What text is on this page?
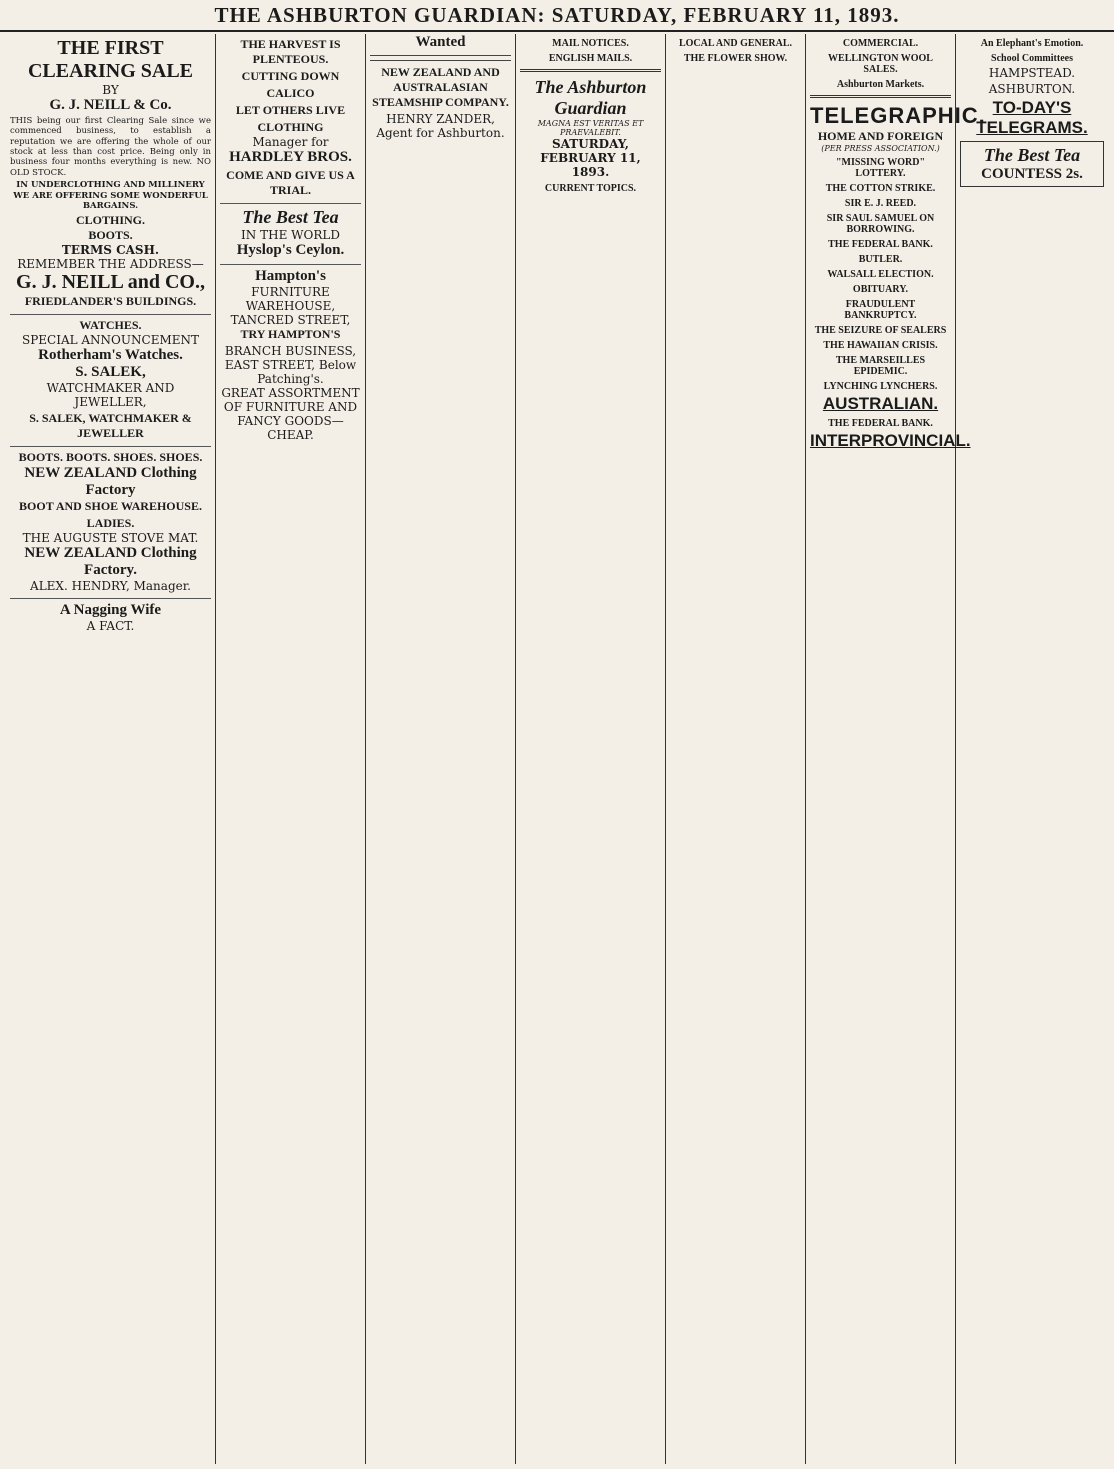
THE ASHBURTON GUARDIAN: SATURDAY, FEBRUARY 11, 1893.
THE FIRST CLEARING SALE
BY
G. J. NEILL & Co.

THIS being our first Clearing Sale since we commenced business, to establish a reputation we are offering the whole of our stock at less than cost price. Being only in business four months everything is new. NO OLD STOCK.

IN UNDERCLOTHING AND MILLINERY WE ARE OFFERING SOME WONDERFUL BARGAINS.

CLOTHING.
BOOTS.
TERMS CASH.
REMEMBER THE ADDRESS—
G. J. NEILL and CO.,
FRIEDLANDER'S BUILDINGS.
WATCHES.
SPECIAL ANNOUNCEMENT
Rotherham's Watches.
S. SALEK,
WATCHMAKER AND JEWELLER,

S. SALEK, WATCHMAKER & JEWELLER
BOOTS. BOOTS. SHOES. SHOES.
NEW ZEALAND Clothing Factory
BOOT AND SHOE WAREHOUSE.

LADIES.
THE AUGUSTE STOVE MAT.
NEW ZEALAND Clothing Factory.
ALEX. HENDRY, Manager.
A Nagging Wife
A FACT.

THE HARVEST IS PLENTEOUS.

CUTTING DOWN

CALICO

LET OTHERS LIVE

CLOTHING
Manager for
HARDLEY BROS.

COME AND GIVE US A TRIAL.
The Best Tea
IN THE WORLD
Hyslop's Ceylon.
Hampton's
FURNITURE WAREHOUSE,
TANCRED STREET,
TRY HAMPTON'S

BRANCH BUSINESS, EAST STREET, Below Patching's.
GREAT ASSORTMENT OF FURNITURE AND FANCY GOODS—CHEAP.
Wanted

NEW ZEALAND AND AUSTRALASIAN STEAMSHIP COMPANY.

HENRY ZANDER, Agent for Ashburton.
MAIL NOTICES.

ENGLISH MAILS.

The Ashburton Guardian
MAGNA EST VERITAS ET PRAEVALEBIT.
SATURDAY, FEBRUARY 11, 1893.
CURRENT TOPICS.

LOCAL AND GENERAL.

THE FLOWER SHOW.

COMMERCIAL.
WELLINGTON WOOL SALES.

Ashburton Markets.

TELEGRAPHIC.
HOME AND FOREIGN
(PER PRESS ASSOCIATION.)
"MISSING WORD" LOTTERY.

THE COTTON STRIKE.

SIR E. J. REED.
SIR SAUL SAMUEL ON BORROWING.
THE FEDERAL BANK.
BUTLER.
WALSALL ELECTION.
OBITUARY.
FRAUDULENT BANKRUPTCY.
THE SEIZURE OF SEALERS
THE HAWAIIAN CRISIS.
THE MARSEILLES EPIDEMIC.
LYNCHING LYNCHERS.
AUSTRALIAN.
THE FEDERAL BANK.
INTERPROVINCIAL.

An Elephant's Emotion.

School Committees
HAMPSTEAD.

ASHBURTON.

TO-DAY'S TELEGRAMS.

The Best Tea
COUNTESS 2s.
